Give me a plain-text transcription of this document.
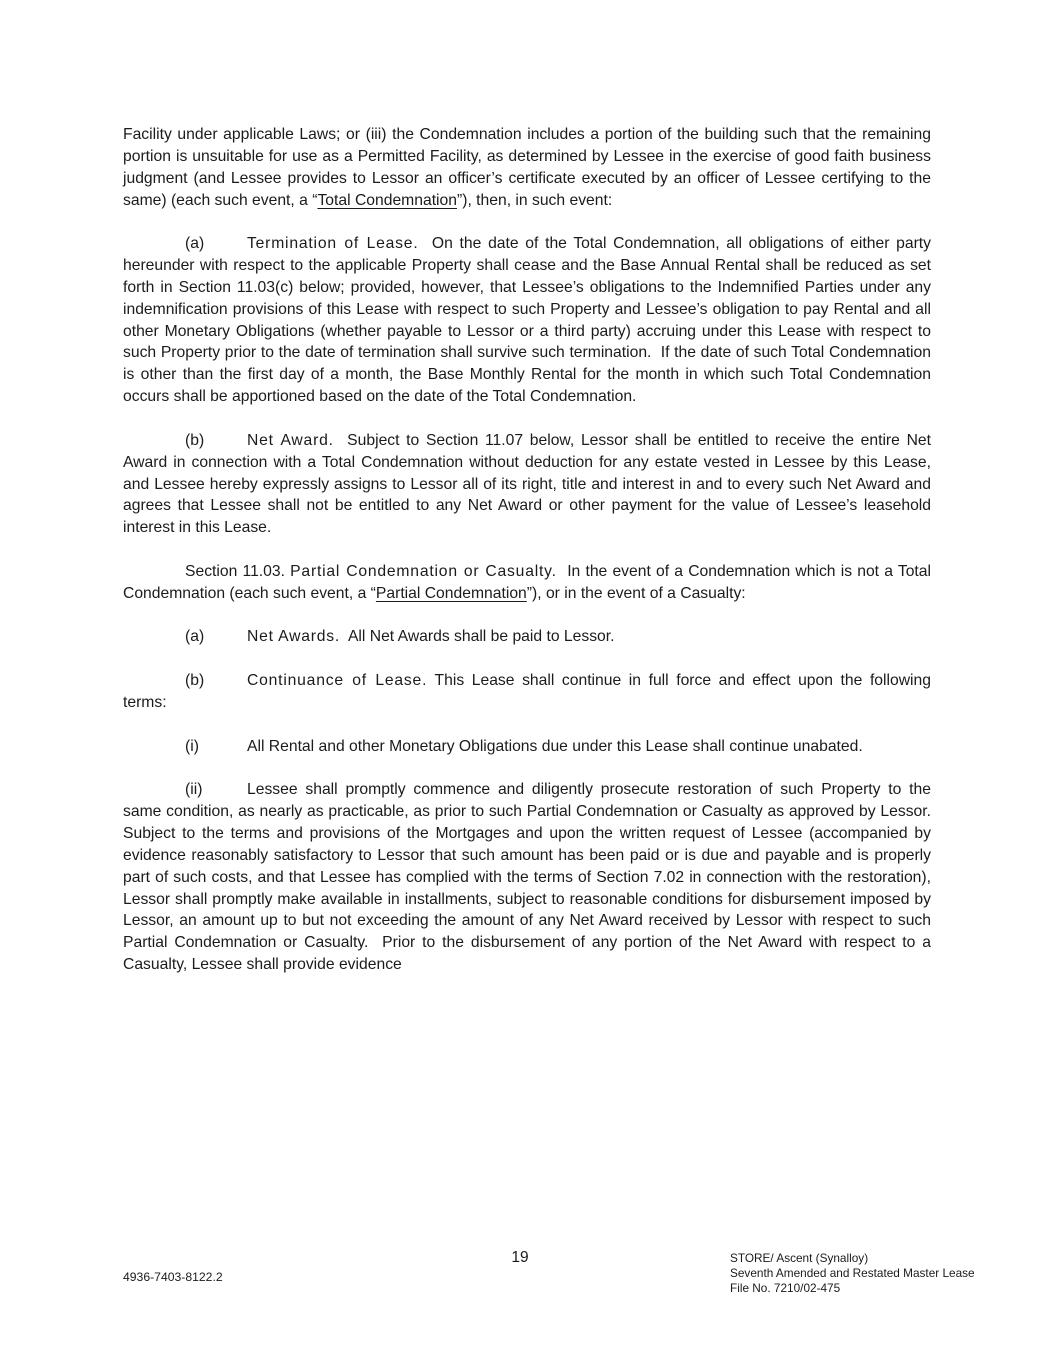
Facility under applicable Laws; or (iii) the Condemnation includes a portion of the building such that the remaining portion is unsuitable for use as a Permitted Facility, as determined by Lessee in the exercise of good faith business judgment (and Lessee provides to Lessor an officer’s certificate executed by an officer of Lessee certifying to the same) (each such event, a “Total Condemnation”), then, in such event:

(a)	Termination of Lease.  On the date of the Total Condemnation, all obligations of either party hereunder with respect to the applicable Property shall cease and the Base Annual Rental shall be reduced as set forth in Section 11.03(c) below; provided, however, that Lessee’s obligations to the Indemnified Parties under any indemnification provisions of this Lease with respect to such Property and Lessee’s obligation to pay Rental and all other Monetary Obligations (whether payable to Lessor or a third party) accruing under this Lease with respect to such Property prior to the date of termination shall survive such termination.  If the date of such Total Condemnation is other than the first day of a month, the Base Monthly Rental for the month in which such Total Condemnation occurs shall be apportioned based on the date of the Total Condemnation.

(b)	Net Award.  Subject to Section 11.07 below, Lessor shall be entitled to receive the entire Net Award in connection with a Total Condemnation without deduction for any estate vested in Lessee by this Lease, and Lessee hereby expressly assigns to Lessor all of its right, title and interest in and to every such Net Award and agrees that Lessee shall not be entitled to any Net Award or other payment for the value of Lessee’s leasehold interest in this Lease.

Section 11.03. Partial Condemnation or Casualty.  In the event of a Condemnation which is not a Total Condemnation (each such event, a “Partial Condemnation”), or in the event of a Casualty:

(a)	Net Awards.  All Net Awards shall be paid to Lessor.

(b)	Continuance of Lease. This Lease shall continue in full force and effect upon the following terms:

(i)	All Rental and other Monetary Obligations due under this Lease shall continue unabated.

(ii)	Lessee shall promptly commence and diligently prosecute restoration of such Property to the same condition, as nearly as practicable, as prior to such Partial Condemnation or Casualty as approved by Lessor.  Subject to the terms and provisions of the Mortgages and upon the written request of Lessee (accompanied by evidence reasonably satisfactory to Lessor that such amount has been paid or is due and payable and is properly part of such costs, and that Lessee has complied with the terms of Section 7.02 in connection with the restoration), Lessor shall promptly make available in installments, subject to reasonable conditions for disbursement imposed by Lessor, an amount up to but not exceeding the amount of any Net Award received by Lessor with respect to such Partial Condemnation or Casualty.  Prior to the disbursement of any portion of the Net Award with respect to a Casualty, Lessee shall provide evidence

19
4936-7403-8122.2
STORE/ Ascent (Synalloy)
Seventh Amended and Restated Master Lease
File No. 7210/02-475
